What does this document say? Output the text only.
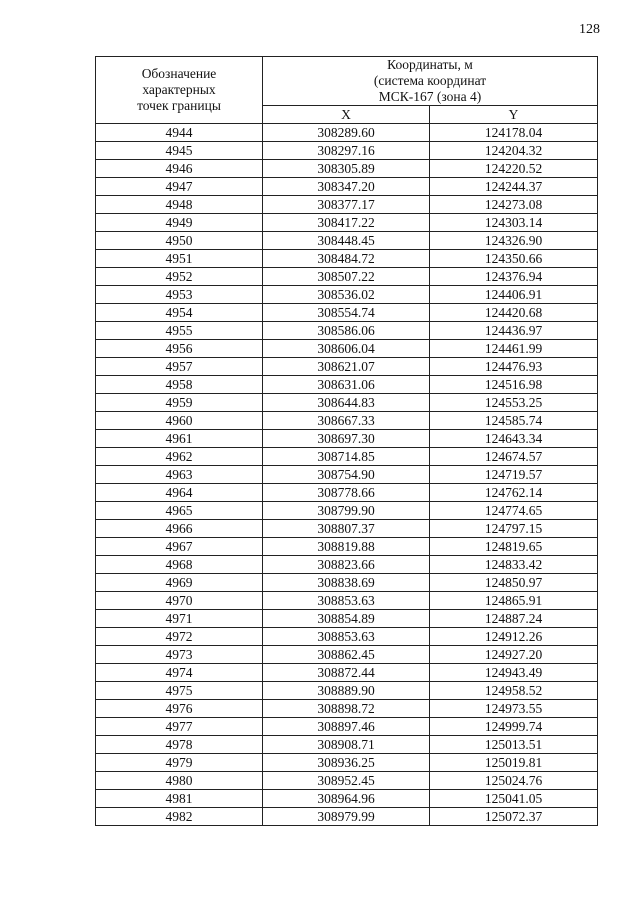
128
Обозначение
характерных
точек границы	Координаты, м
(система координат
МСК-167 (зона 4)	

	X	Y
4944	308289.60	124178.04
4945	308297.16	124204.32
4946	308305.89	124220.52
4947	308347.20	124244.37
4948	308377.17	124273.08
4949	308417.22	124303.14
4950	308448.45	124326.90
4951	308484.72	124350.66
4952	308507.22	124376.94
4953	308536.02	124406.91
4954	308554.74	124420.68
4955	308586.06	124436.97
4956	308606.04	124461.99
4957	308621.07	124476.93
4958	308631.06	124516.98
4959	308644.83	124553.25
4960	308667.33	124585.74
4961	308697.30	124643.34
4962	308714.85	124674.57
4963	308754.90	124719.57
4964	308778.66	124762.14
4965	308799.90	124774.65
4966	308807.37	124797.15
4967	308819.88	124819.65
4968	308823.66	124833.42
4969	308838.69	124850.97
4970	308853.63	124865.91
4971	308854.89	124887.24
4972	308853.63	124912.26
4973	308862.45	124927.20
4974	308872.44	124943.49
4975	308889.90	124958.52
4976	308898.72	124973.55
4977	308897.46	124999.74
4978	308908.71	125013.51
4979	308936.25	125019.81
4980	308952.45	125024.76
4981	308964.96	125041.05
4982	308979.99	125072.37
